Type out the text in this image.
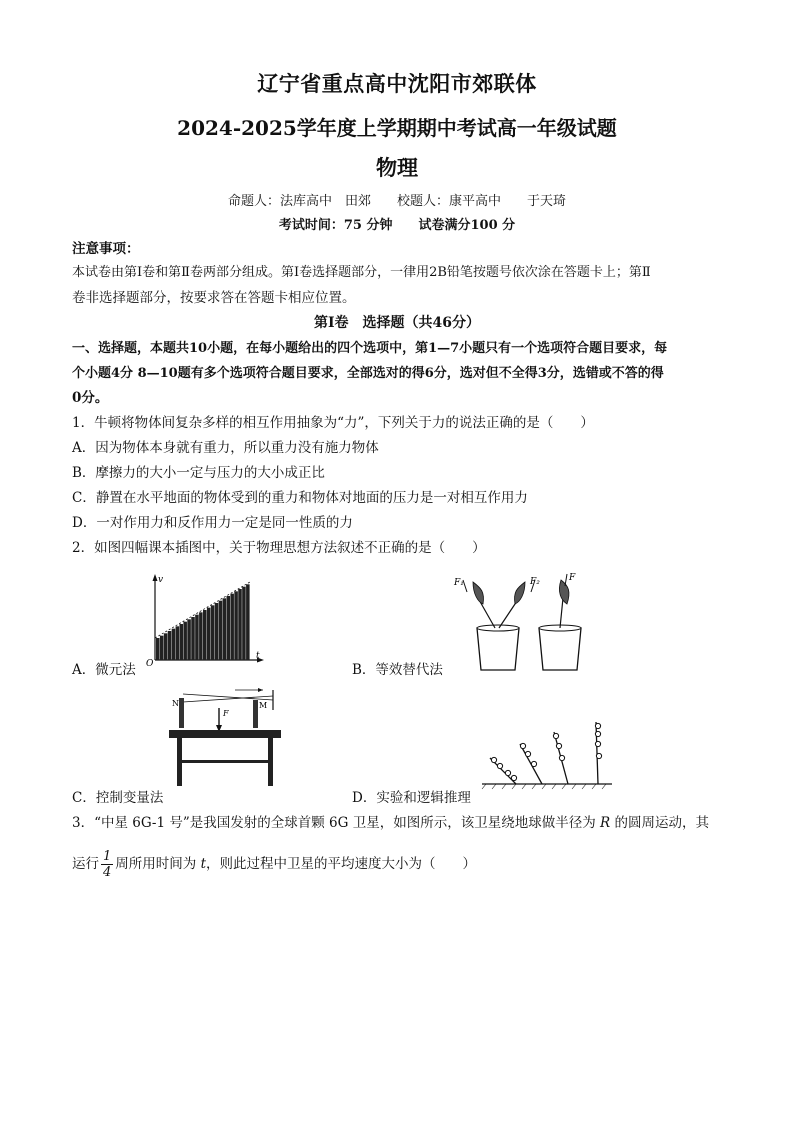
辽宁省重点高中沈阳市郊联体
2024-2025学年度上学期期中考试高一年级试题
物理
命题人：法库高中　田郊　　校题人：康平高中　　于天琦
考试时间：75 分钟　　试卷满分100 分
注意事项：
本试卷由第Ⅰ卷和第Ⅱ卷两部分组成。第Ⅰ卷选择题部分，一律用2B铅笔按题号依次涂在答题卡上；第Ⅱ
卷非选择题部分，按要求答在答题卡相应位置。
第Ⅰ卷　选择题（共46分）
一、选择题，本题共10小题，在每小题给出的四个选项中，第1—7小题只有一个选项符合题目要求，每
个小题4分 8—10题有多个选项符合题目要求，全部选对的得6分，选对但不全得3分，选错或不答的得
0分。
1．牛顿将物体间复杂多样的相互作用抽象为“力”，下列关于力的说法正确的是（　　）
A．因为物体本身就有重力，所以重力没有施力物体
B．摩擦力的大小一定与压力的大小成正比
C．静置在水平地面的物体受到的重力和物体对地面的压力是一对相互作用力
D．一对作用力和反作用力一定是同一性质的力
2．如图四幅课本插图中，关于物理思想方法叙述不正确的是（　　）
v
t
O
A．微元法
F₁	F₂	F
B．等效替代法
N	M
F
C．控制变量法	D．实验和逻辑推理
3．“中星 6G-1 号”是我国发射的全球首颗 6G 卫星，如图所示，该卫星绕地球做半径为 R 的圆周运动，其
运行 $\frac{1}{4}$ 周所用时间为 t，则此过程中卫星的平均速度大小为（　　）
